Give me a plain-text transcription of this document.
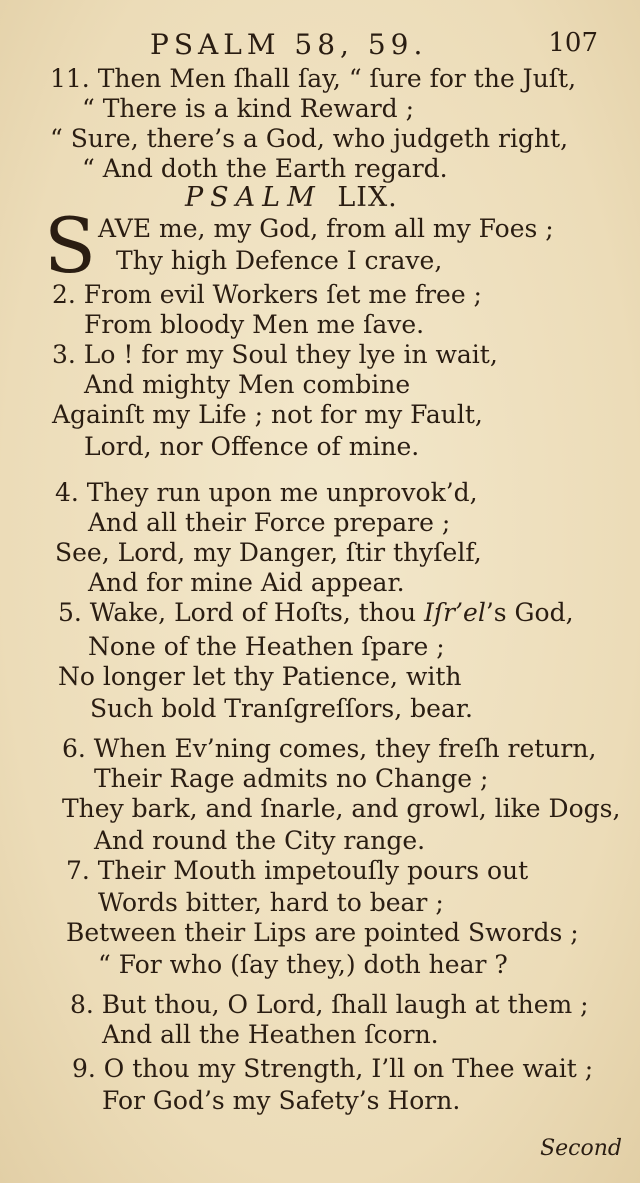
PSALM 58, 59.	107
11. Then Men ſhall ſay, “ ſure for the Juſt,
“ There is a kind Reward ;
“ Sure, there’s a God, who judgeth right,
“ And doth the Earth regard.
PSALM LIX.
S AVE me, my God, from all my Foes ;
Thy high Defence I crave,
2. From evil Workers ſet me free ;
From bloody Men me ſave.
3. Lo ! for my Soul they lye in wait,
And mighty Men combine
Againſt my Life ; not for my Fault,
Lord, nor Offence of mine.
4. They run upon me unprovok’d,
And all their Force prepare ;
See, Lord, my Danger, ſtir thyſelf,
And for mine Aid appear.
5. Wake, Lord of Hoſts, thou Iſr’el’s God,
None of the Heathen ſpare ;
No longer let thy Patience, with
Such bold Tranſgreſſors, bear.
6. When Ev’ning comes, they freſh return,
Their Rage admits no Change ;
They bark, and ſnarle, and growl, like Dogs,
And round the City range.
7. Their Mouth impetouſly pours out
Words bitter, hard to bear ;
Between their Lips are pointed Swords ;
“ For who (ſay they,) doth hear ?
8. But thou, O Lord, ſhall laugh at them ;
And all the Heathen ſcorn.
9. O thou my Strength, I’ll on Thee wait ;
For God’s my Safety’s Horn.
Second
